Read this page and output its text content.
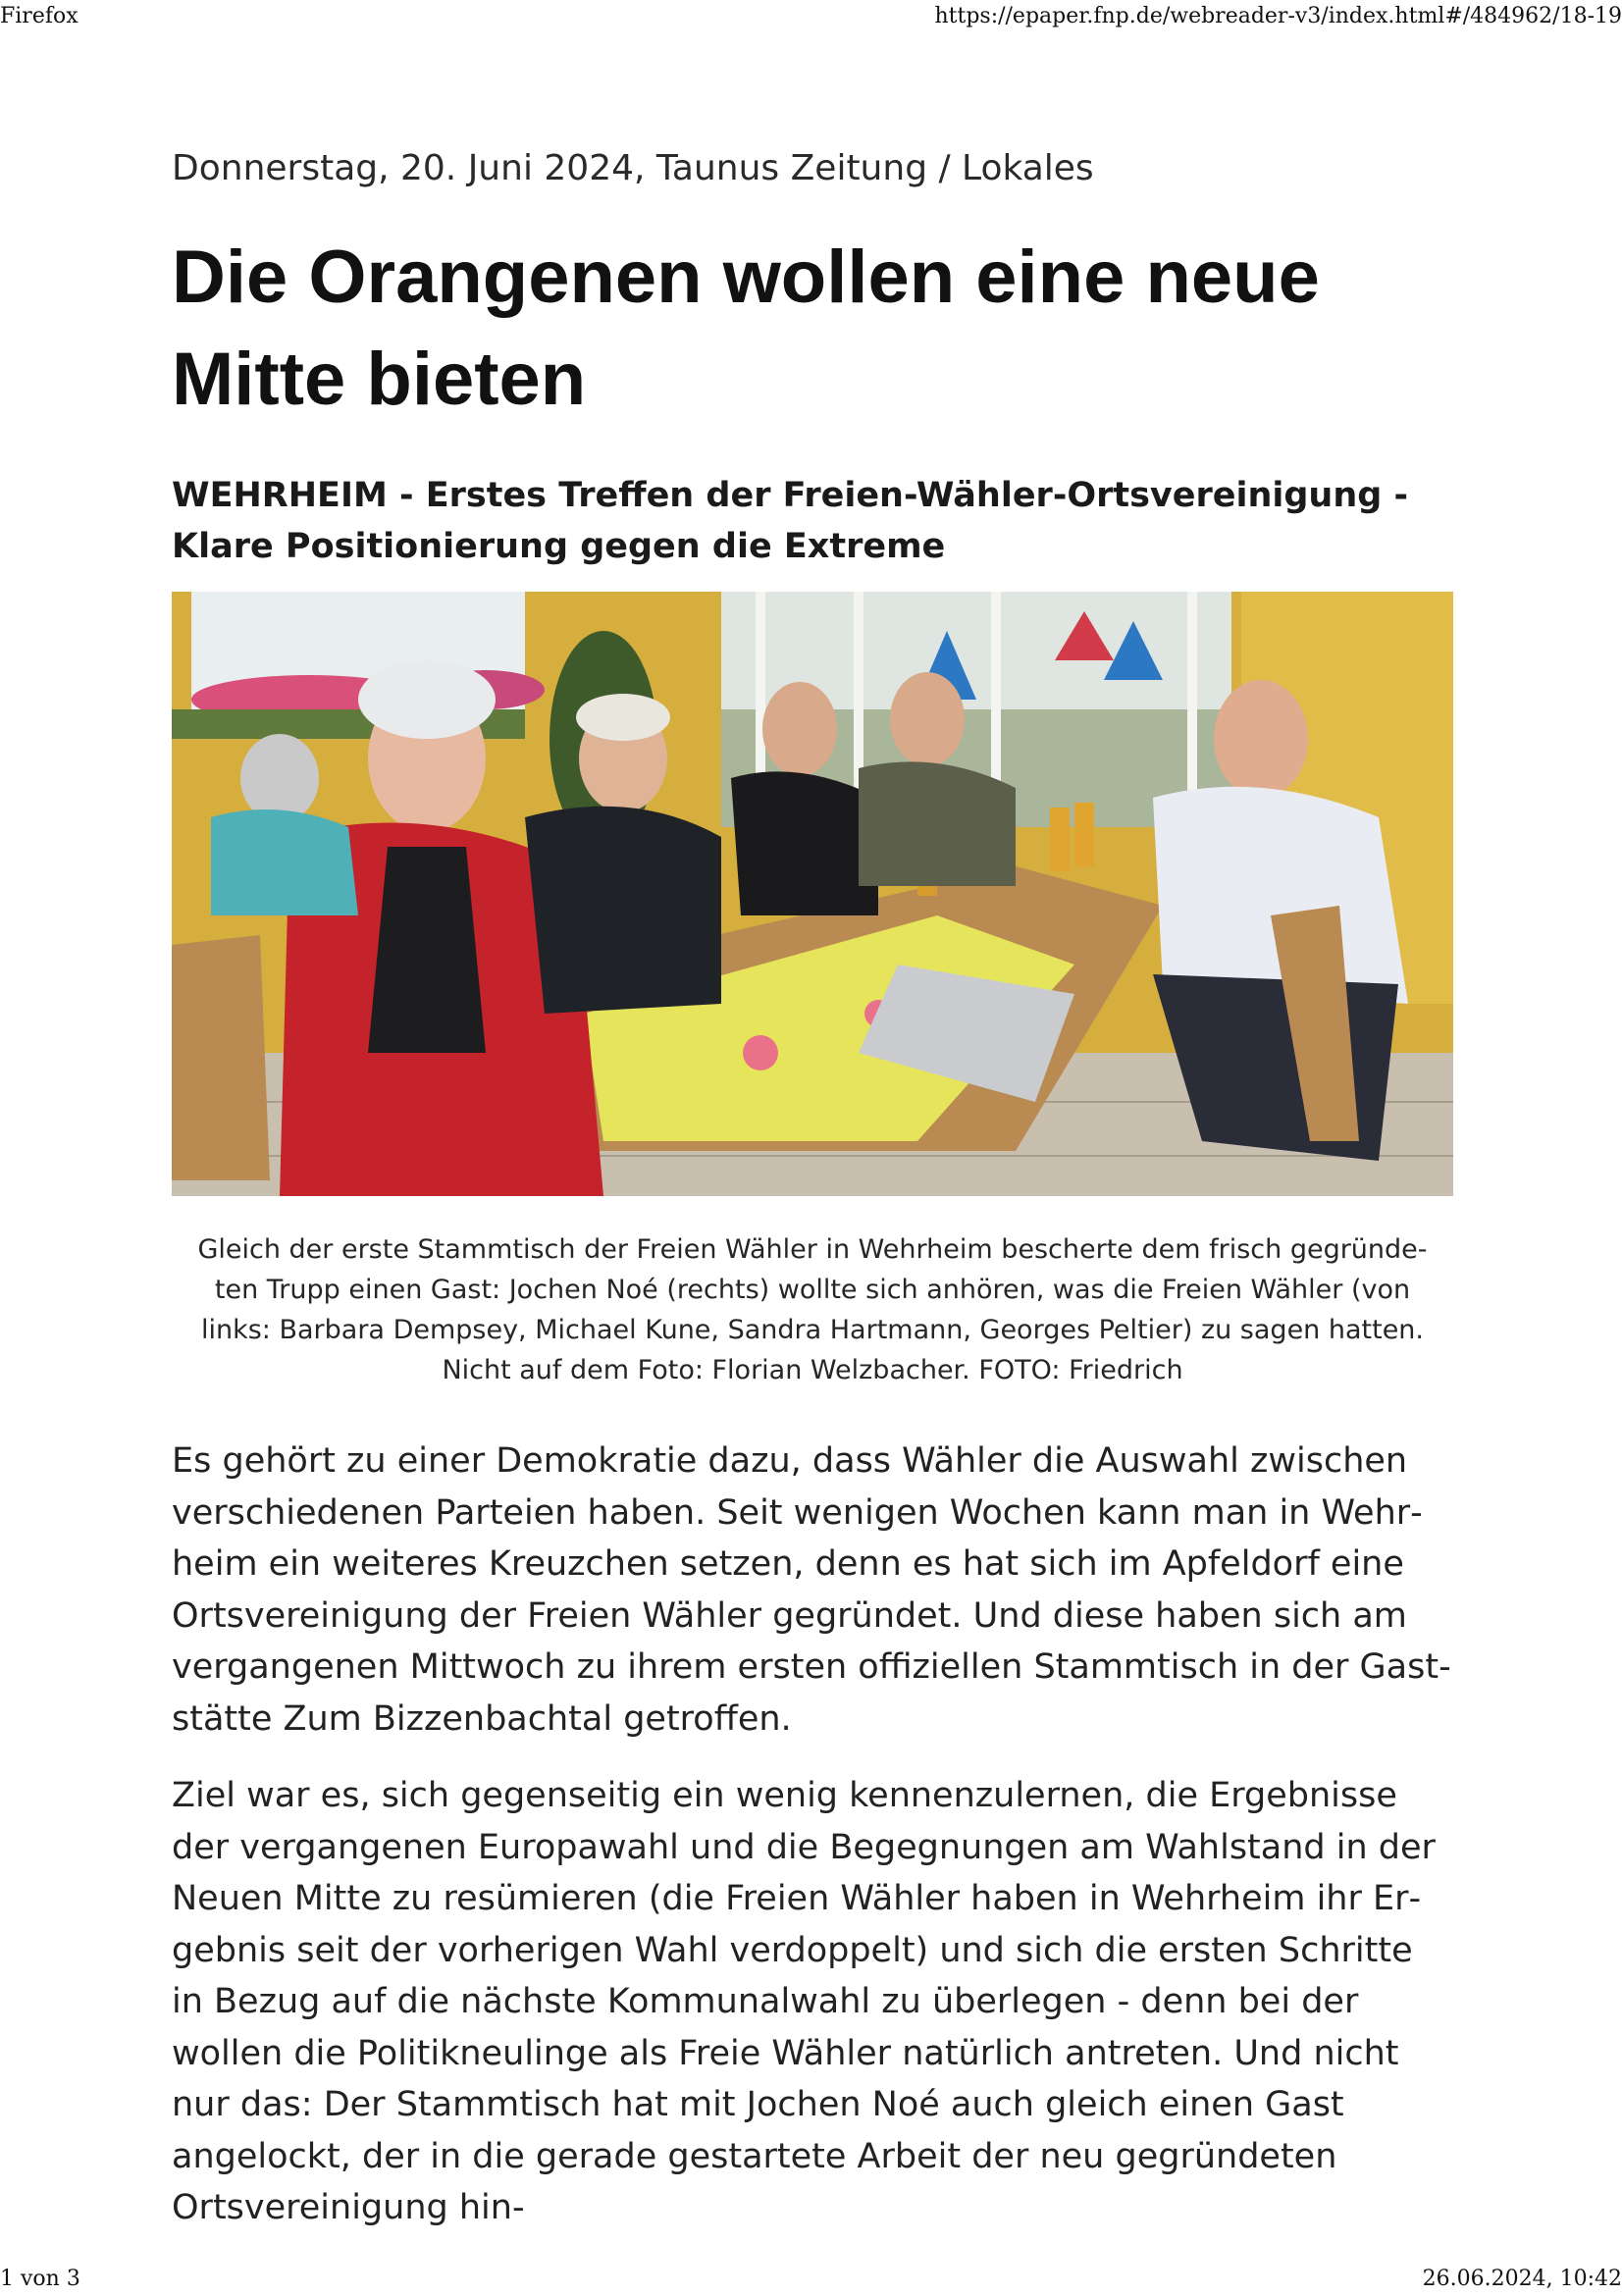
Firefox	https://epaper.fnp.de/webreader-v3/index.html#/484962/18-19

Donnerstag, 20. Juni 2024, Taunus Zeitung / Lokales

Die Orangenen wollen eine neue
Mitte bieten
WEHRHEIM - Erstes Treffen der Freien-Wähler-Ortsvereinigung - Klare Positionierung gegen die Extreme

Gleich der erste Stammtisch der Freien Wähler in Wehrheim bescherte dem frisch gegründeten Trupp einen Gast: Jochen Noé (rechts) wollte sich anhören, was die Freien Wähler (von links: Barbara Dempsey, Michael Kune, Sandra Hartmann, Georges Peltier) zu sagen hatten. Nicht auf dem Foto: Florian Welzbacher. FOTO: Friedrich

Es gehört zu einer Demokratie dazu, dass Wähler die Auswahl zwischen verschiedenen Parteien haben. Seit wenigen Wochen kann man in Wehrheim ein weiteres Kreuzchen setzen, denn es hat sich im Apfeldorf eine Ortsvereinigung der Freien Wähler gegründet. Und diese haben sich am vergangenen Mittwoch zu ihrem ersten offiziellen Stammtisch in der Gaststätte Zum Bizzenbachtal getroffen.

Ziel war es, sich gegenseitig ein wenig kennenzulernen, die Ergebnisse der vergangenen Europawahl und die Begegnungen am Wahlstand in der Neuen Mitte zu resümieren (die Freien Wähler haben in Wehrheim ihr Ergebnis seit der vorherigen Wahl verdoppelt) und sich die ersten Schritte in Bezug auf die nächste Kommunalwahl zu überlegen - denn bei der wollen die Politikneulinge als Freie Wähler natürlich antreten. Und nicht nur das: Der Stammtisch hat mit Jochen Noé auch gleich einen Gast angelockt, der in die gerade gestartete Arbeit der neu gegründeten Ortsvereinigung hin-

1 von 3	26.06.2024, 10:42
